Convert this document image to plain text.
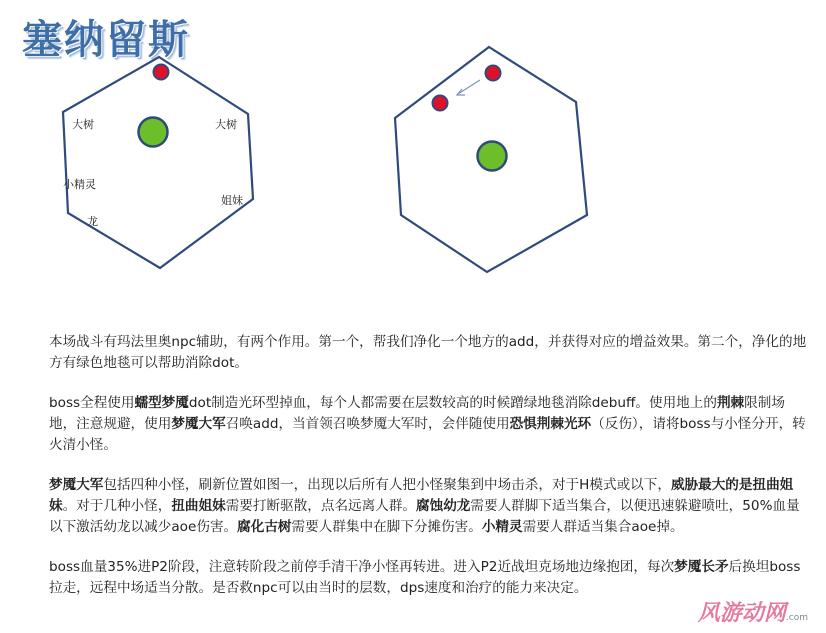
塞纳留斯
大树	大树
小精灵
姐妹
龙

本场战斗有玛法里奥npc辅助，有两个作用。第一个，帮我们净化一个地方的add，并获得对应的增益效果。第二个，净化的地方有绿色地毯可以帮助消除dot。

boss全程使用蠕型梦魇dot制造光环型掉血，每个人都需要在层数较高的时候蹭绿地毯消除debuff。使用地上的荆棘限制场地，注意规避，使用梦魇大军召唤add，当首领召唤梦魇大军时，会伴随使用恐惧荆棘光环（反伤），请将boss与小怪分开，转火清小怪。

梦魇大军包括四种小怪，刷新位置如图一，出现以后所有人把小怪聚集到中场击杀，对于H模式或以下，威胁最大的是扭曲姐妹。对于几种小怪，扭曲姐妹需要打断驱散，点名远离人群。腐蚀幼龙需要人群脚下适当集合，以便迅速躲避喷吐，50%血量以下激活幼龙以减少aoe伤害。腐化古树需要人群集中在脚下分摊伤害。小精灵需要人群适当集合aoe掉。

boss血量35%进P2阶段，注意转阶段之前停手清干净小怪再转进。进入P2近战坦克场地边缘抱团，每次梦魇长矛后换坦boss拉走，远程中场适当分散。是否救npc可以由当时的层数，dps速度和治疗的能力来决定。

风游动网.com
